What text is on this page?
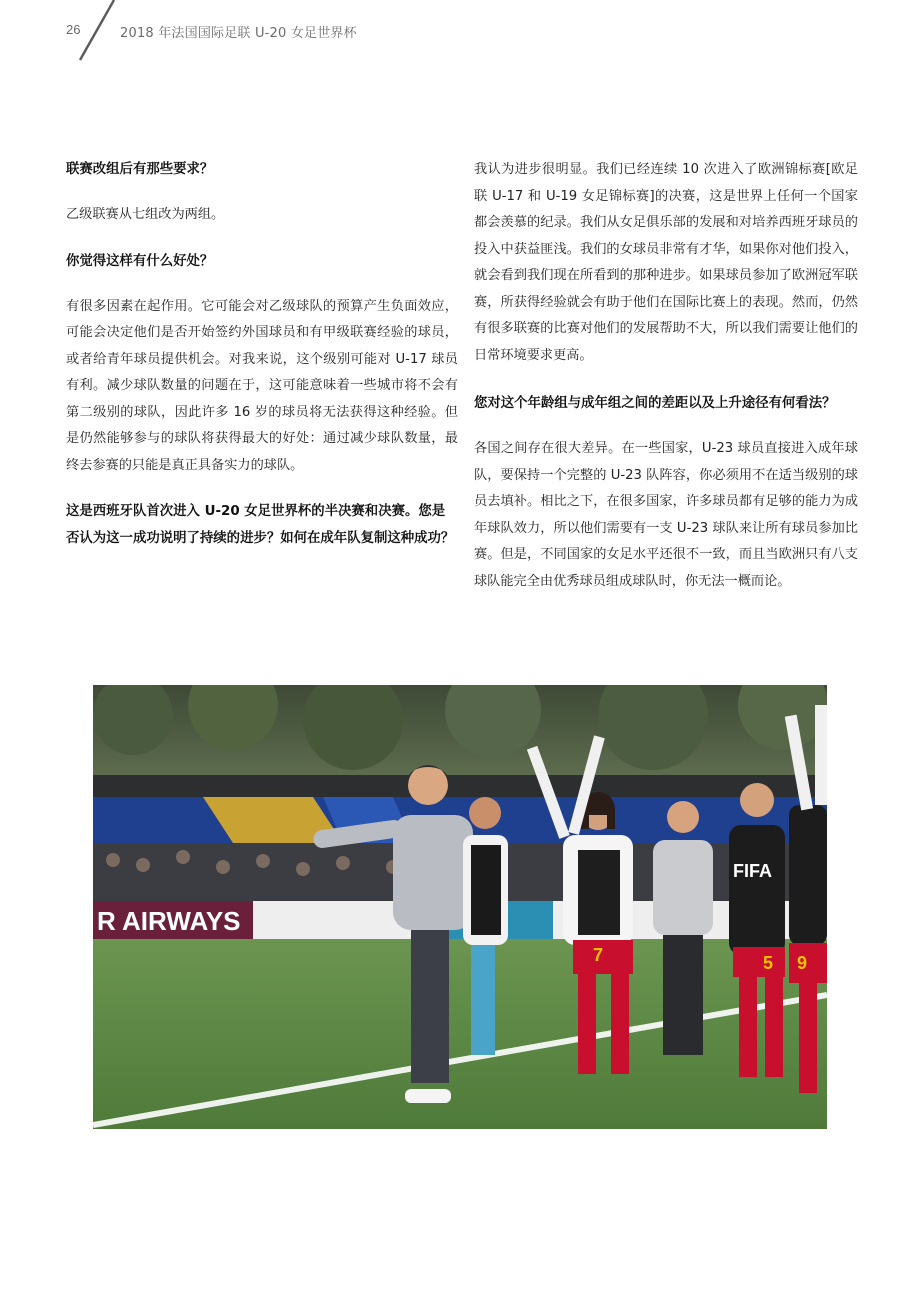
26	2018 年法国国际足联 U-20 女足世界杯

联赛改组后有那些要求？

乙级联赛从七组改为两组。

你觉得这样有什么好处？

有很多因素在起作用。它可能会对乙级球队的预算产生负面效应，可能会决定他们是否开始签约外国球员和有甲级联赛经验的球员，或者给青年球员提供机会。对我来说，这个级别可能对 U-17 球员有利。减少球队数量的问题在于，这可能意味着一些城市将不会有第二级别的球队，因此许多 16 岁的球员将无法获得这种经验。但是仍然能够参与的球队将获得最大的好处：通过减少球队数量，最终去参赛的只能是真正具备实力的球队。

这是西班牙队首次进入 U-20 女足世界杯的半决赛和决赛。您是否认为这一成功说明了持续的进步？如何在成年队复制这种成功？

我认为进步很明显。我们已经连续 10 次进入了欧洲锦标赛[欧足联 U-17 和 U-19 女足锦标赛]的决赛，这是世界上任何一个国家都会羡慕的纪录。我们从女足俱乐部的发展和对培养西班牙球员的投入中获益匪浅。我们的女球员非常有才华，如果你对他们投入，就会看到我们现在所看到的那种进步。如果球员参加了欧洲冠军联赛，所获得经验就会有助于他们在国际比赛上的表现。然而，仍然有很多联赛的比赛对他们的发展帮助不大，所以我们需要让他们的日常环境要求更高。

您对这个年龄组与成年组之间的差距以及上升途径有何看法？

各国之间存在很大差异。在一些国家，U-23 球员直接进入成年球队，要保持一个完整的 U-23 队阵容，你必须用不在适当级别的球员去填补。相比之下，在很多国家，许多球员都有足够的能力为成年球队效力，所以他们需要有一支 U-23 球队来让所有球员参加比赛。但是，不同国家的女足水平还很不一致，而且当欧洲只有八支球队能完全由优秀球员组成球队时，你无法一概而论。

R AIRWAYS
7
FIFA
5 9
